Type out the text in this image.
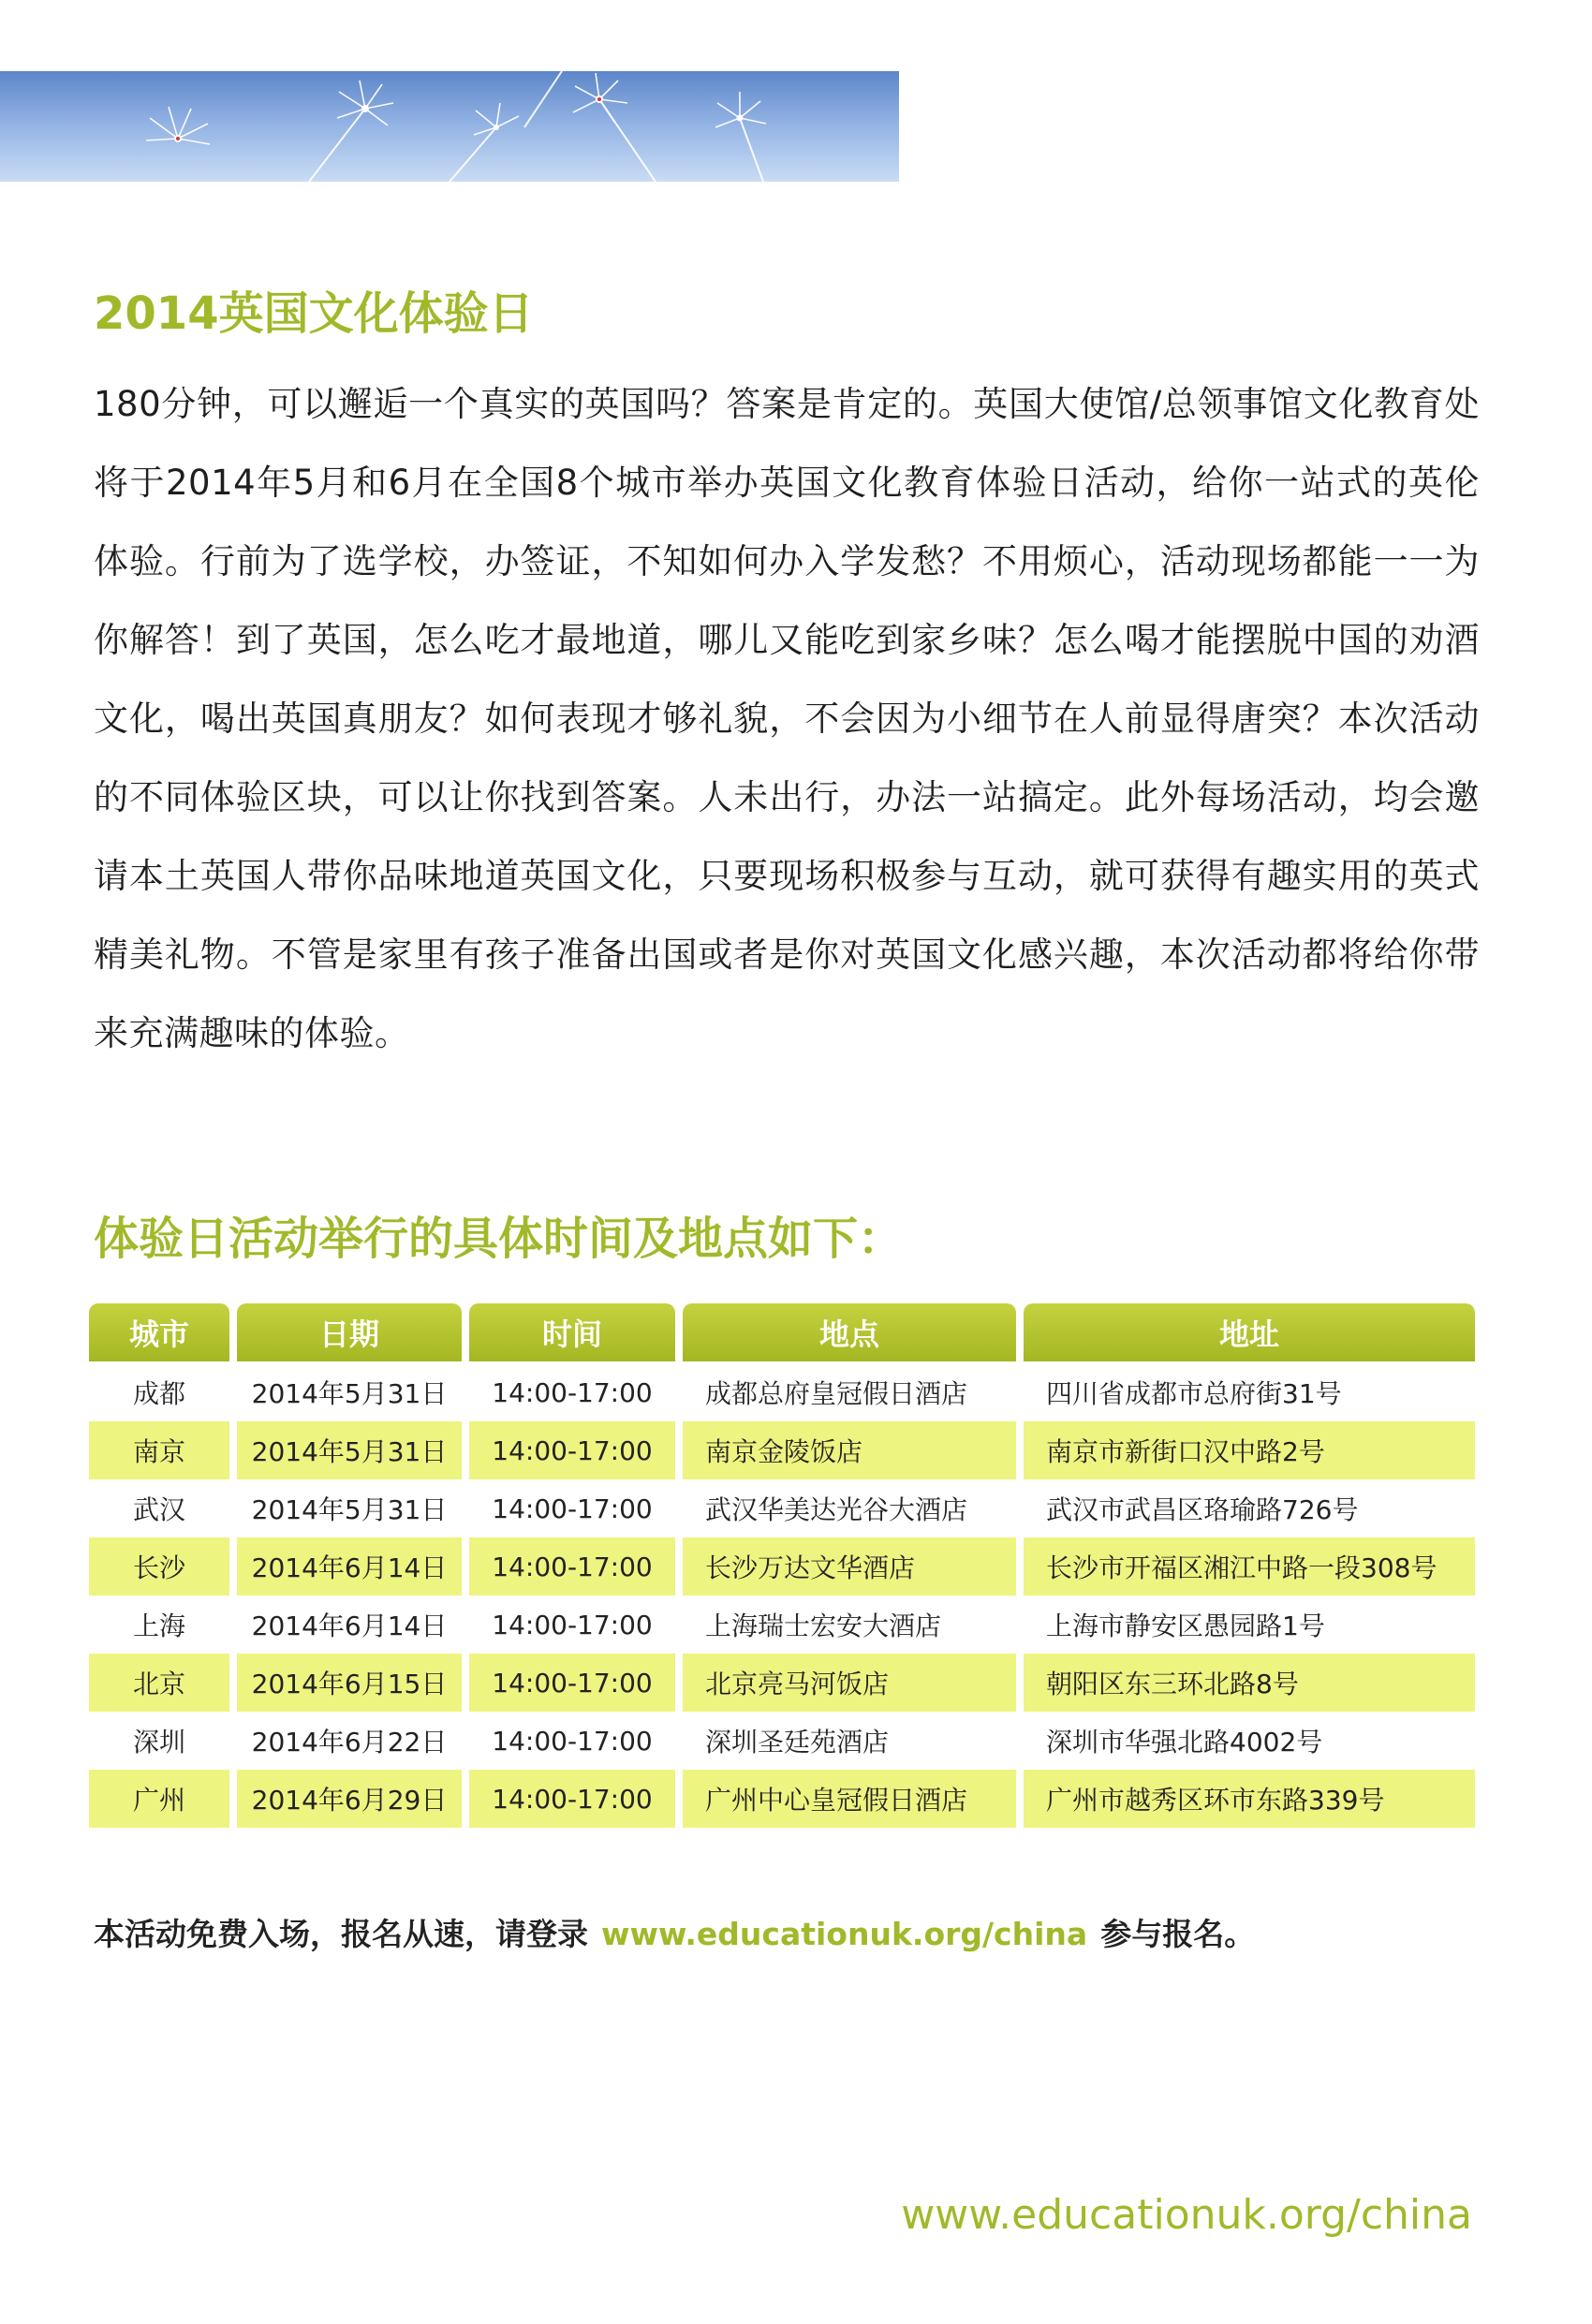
2014英国文化体验日

180分钟，可以邂逅一个真实的英国吗？答案是肯定的。英国大使馆/总领事馆文化教育处将于2014年5月和6月在全国8个城市举办英国文化教育体验日活动，给你一站式的英伦体验。行前为了选学校，办签证，不知如何办入学发愁？不用烦心，活动现场都能一一为你解答！到了英国，怎么吃才最地道，哪儿又能吃到家乡味？怎么喝才能摆脱中国的劝酒文化，喝出英国真朋友？如何表现才够礼貌，不会因为小细节在人前显得唐突？本次活动的不同体验区块，可以让你找到答案。人未出行，办法一站搞定。此外每场活动，均会邀请本土英国人带你品味地道英国文化，只要现场积极参与互动，就可获得有趣实用的英式精美礼物。不管是家里有孩子准备出国或者是你对英国文化感兴趣，本次活动都将给你带来充满趣味的体验。

体验日活动举行的具体时间及地点如下：
城市	日期	时间	地点	地址
成都	2014年5月31日	14:00-17:00	成都总府皇冠假日酒店	四川省成都市总府街31号
南京	2014年5月31日	14:00-17:00	南京金陵饭店	南京市新街口汉中路2号
武汉	2014年5月31日	14:00-17:00	武汉华美达光谷大酒店	武汉市武昌区珞瑜路726号
长沙	2014年6月14日	14:00-17:00	长沙万达文华酒店	长沙市开福区湘江中路一段308号
上海	2014年6月14日	14:00-17:00	上海瑞士宏安大酒店	上海市静安区愚园路1号
北京	2014年6月15日	14:00-17:00	北京亮马河饭店	朝阳区东三环北路8号
深圳	2014年6月22日	14:00-17:00	深圳圣廷苑酒店	深圳市华强北路4002号
广州	2014年6月29日	14:00-17:00	广州中心皇冠假日酒店	广州市越秀区环市东路339号

本活动免费入场，报名从速，请登录 www.educationuk.org/china 参与报名。

www.educationuk.org/china
